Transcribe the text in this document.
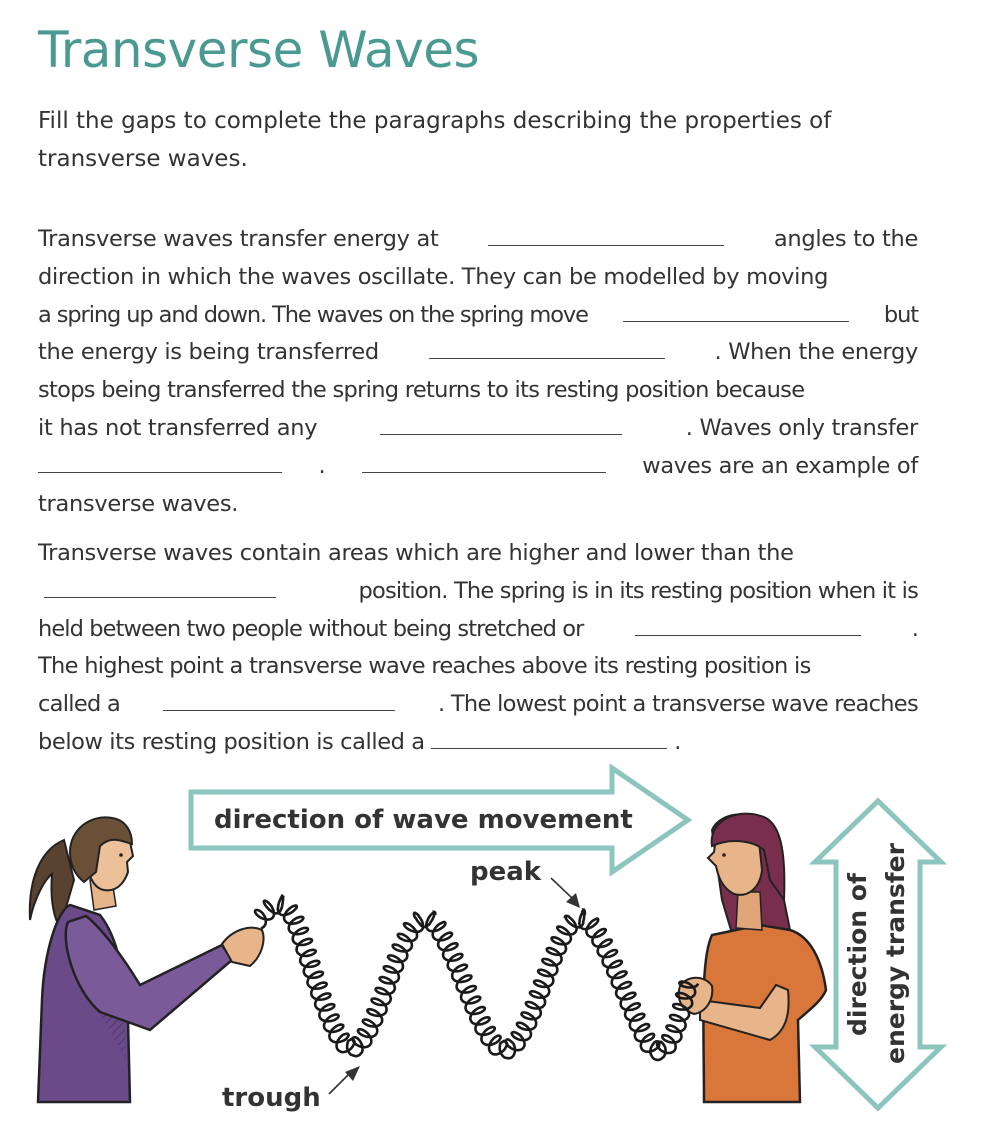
Transverse Waves

Fill the gaps to complete the paragraphs describing the properties of transverse waves.

Transverse waves transfer energy at	angles to the
direction in which the waves oscillate. They can be modelled by moving
a spring up and down. The waves on the spring move	but
the energy is being transferred	. When the energy
stops being transferred the spring returns to its resting position because
it has not transferred any	. Waves only transfer
.	waves are an example of
transverse waves.
Transverse waves contain areas which are higher and lower than the
position. The spring is in its resting position when it is
held between two people without being stretched or	.
The highest point a transverse wave reaches above its resting position is
called a	. The lowest point a transverse wave reaches
below its resting position is called a	.
direction of wave movement
direction of energy transfer
peak
trough
